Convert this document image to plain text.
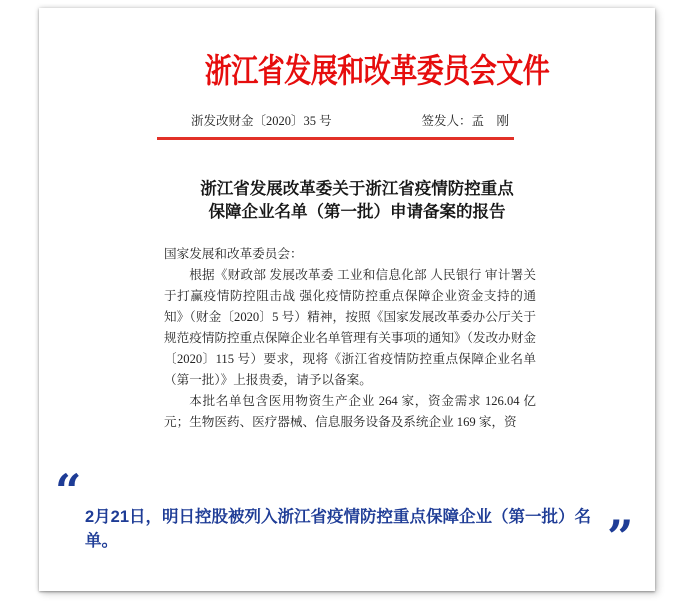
浙江省发展和改革委员会文件
浙发改财金〔2020〕35 号	签发人：孟　刚
浙江省发展改革委关于浙江省疫情防控重点
保障企业名单（第一批）申请备案的报告

国家发展和改革委员会：

根据《财政部 发展改革委 工业和信息化部 人民银行 审计署关于打赢疫情防控阻击战 强化疫情防控重点保障企业资金支持的通知》（财金〔2020〕5 号）精神，按照《国家发展改革委办公厅关于规范疫情防控重点保障企业名单管理有关事项的通知》（发改办财金〔2020〕115 号）要求，现将《浙江省疫情防控重点保障企业名单（第一批）》上报贵委，请予以备案。

本批名单包含医用物资生产企业 264 家，资金需求 126.04 亿元；生物医药、医疗器械、信息服务设备及系统企业 169 家，资

“ 2月21日，明日控股被列入浙江省疫情防控重点保障企业（第一批）名单。	”
